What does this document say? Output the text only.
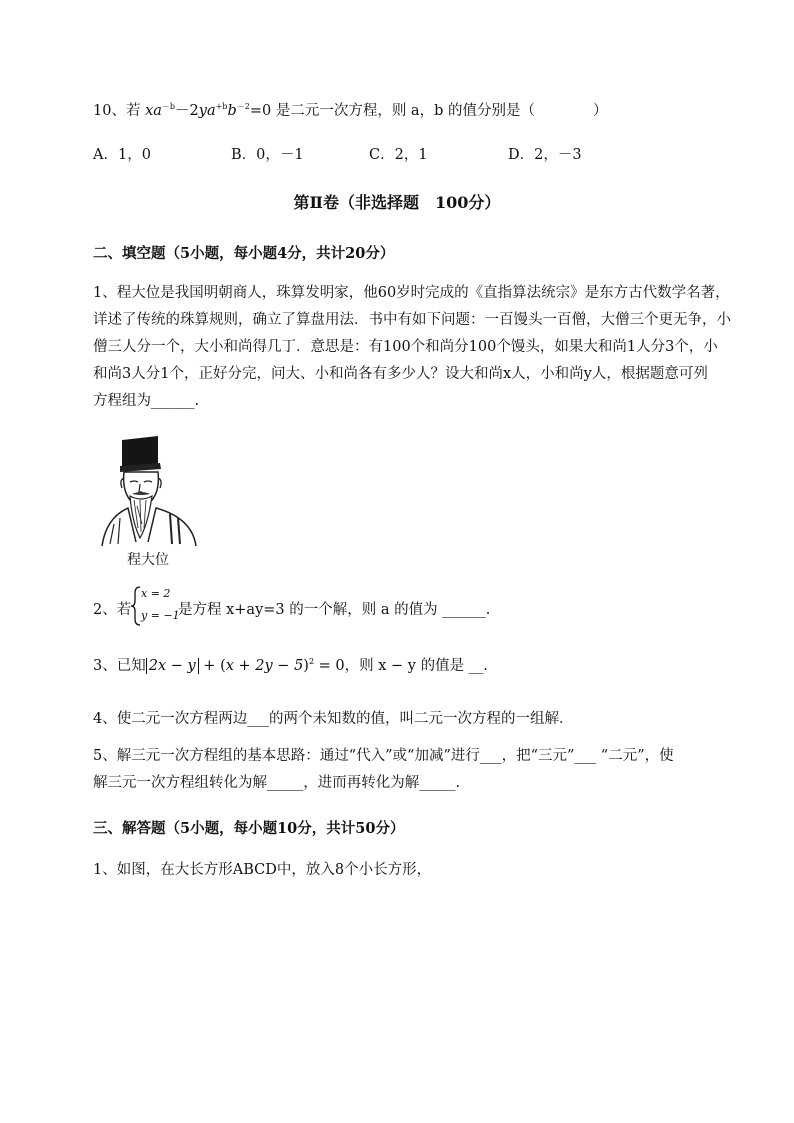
10、若 $xa^{-b}-2ya^{+b}b^{-2}=0$ 是二元一次方程，则 a，b 的值分别是（　　　　）
A．1，0	B．0，－1	C．2，1	D．2，－3
第Ⅱ卷（非选择题　100分）
二、填空题（5小题，每小题4分，共计20分）
1、程大位是我国明朝商人，珠算发明家，他60岁时完成的《直指算法统宗》是东方古代数学名著，
详述了传统的珠算规则，确立了算盘用法．书中有如下问题：一百馒头一百僧，大僧三个更无争，小
僧三人分一个，大小和尚得几丁．意思是：有100个和尚分100个馒头，如果大和尚1人分3个，小
和尚3人分1个，正好分完，问大、小和尚各有多少人？设大和尚x人，小和尚y人，根据题意可列
方程组为______.
程大位
2、若
x = 2
y = −1
是方程 x+ay=3 的一个解，则 a 的值为 ______.
3、已知 $2x - y + (x + 2y - 5)^2 = 0$，则 x − y 的值是 __.
4、使二元一次方程两边___的两个未知数的值，叫二元一次方程的一组解．
5、解三元一次方程组的基本思路：通过“代入”或“加减”进行___，把“三元”___ “二元”，使
解三元一次方程组转化为解_____，进而再转化为解_____.
三、解答题（5小题，每小题10分，共计50分）
1、如图，在大长方形ABCD中，放入8个小长方形，
